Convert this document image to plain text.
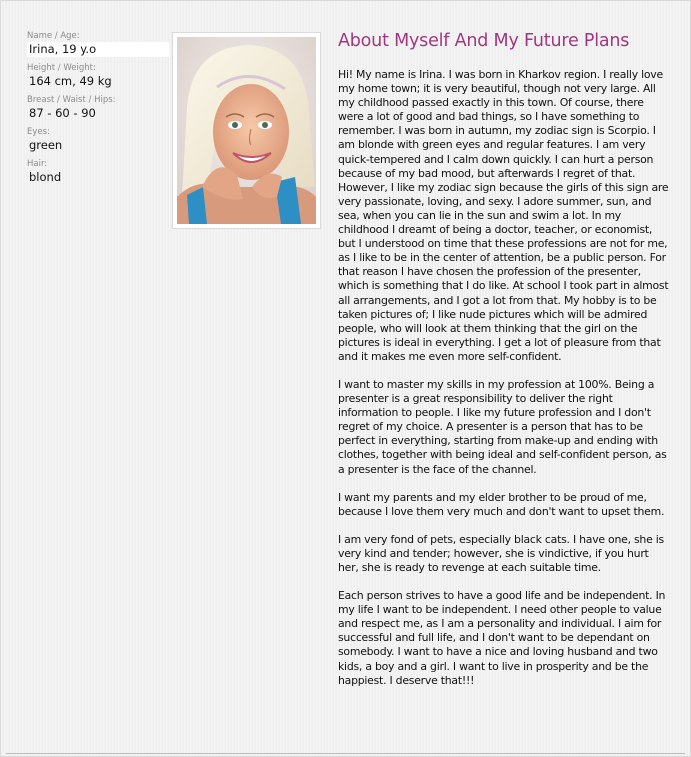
Name / Age:
Irina, 19 y.o
Height / Weight:
164 cm, 49 kg
Breast / Waist / Hips:
87 - 60 - 90
Eyes:
green
Hair:
blond
About Myself And My Future Plans

Hi! My name is Irina. I was born in Kharkov region. I really love my home town; it is very beautiful, though not very large. All my childhood passed exactly in this town. Of course, there were a lot of good and bad things, so I have something to remember. I was born in autumn, my zodiac sign is Scorpio. I am blonde with green eyes and regular features. I am very quick-tempered and I calm down quickly. I can hurt a person because of my bad mood, but afterwards I regret of that. However, I like my zodiac sign because the girls of this sign are very passionate, loving, and sexy. I adore summer, sun, and sea, when you can lie in the sun and swim a lot. In my childhood I dreamt of being a doctor, teacher, or economist, but I understood on time that these professions are not for me, as I like to be in the center of attention, be a public person. For that reason I have chosen the profession of the presenter, which is something that I do like. At school I took part in almost all arrangements, and I got a lot from that. My hobby is to be taken pictures of; I like nude pictures which will be admired people, who will look at them thinking that the girl on the pictures is ideal in everything. I get a lot of pleasure from that and it makes me even more self-confident.

I want to master my skills in my profession at 100%. Being a presenter is a great responsibility to deliver the right information to people. I like my future profession and I don't regret of my choice. A presenter is a person that has to be perfect in everything, starting from make-up and ending with clothes, together with being ideal and self-confident person, as a presenter is the face of the channel.

I want my parents and my elder brother to be proud of me, because I love them very much and don't want to upset them.

I am very fond of pets, especially black cats. I have one, she is very kind and tender; however, she is vindictive, if you hurt her, she is ready to revenge at each suitable time.

Each person strives to have a good life and be independent. In my life I want to be independent. I need other people to value and respect me, as I am a personality and individual. I aim for successful and full life, and I don't want to be dependant on somebody. I want to have a nice and loving husband and two kids, a boy and a girl. I want to live in prosperity and be the happiest. I deserve that!!!
